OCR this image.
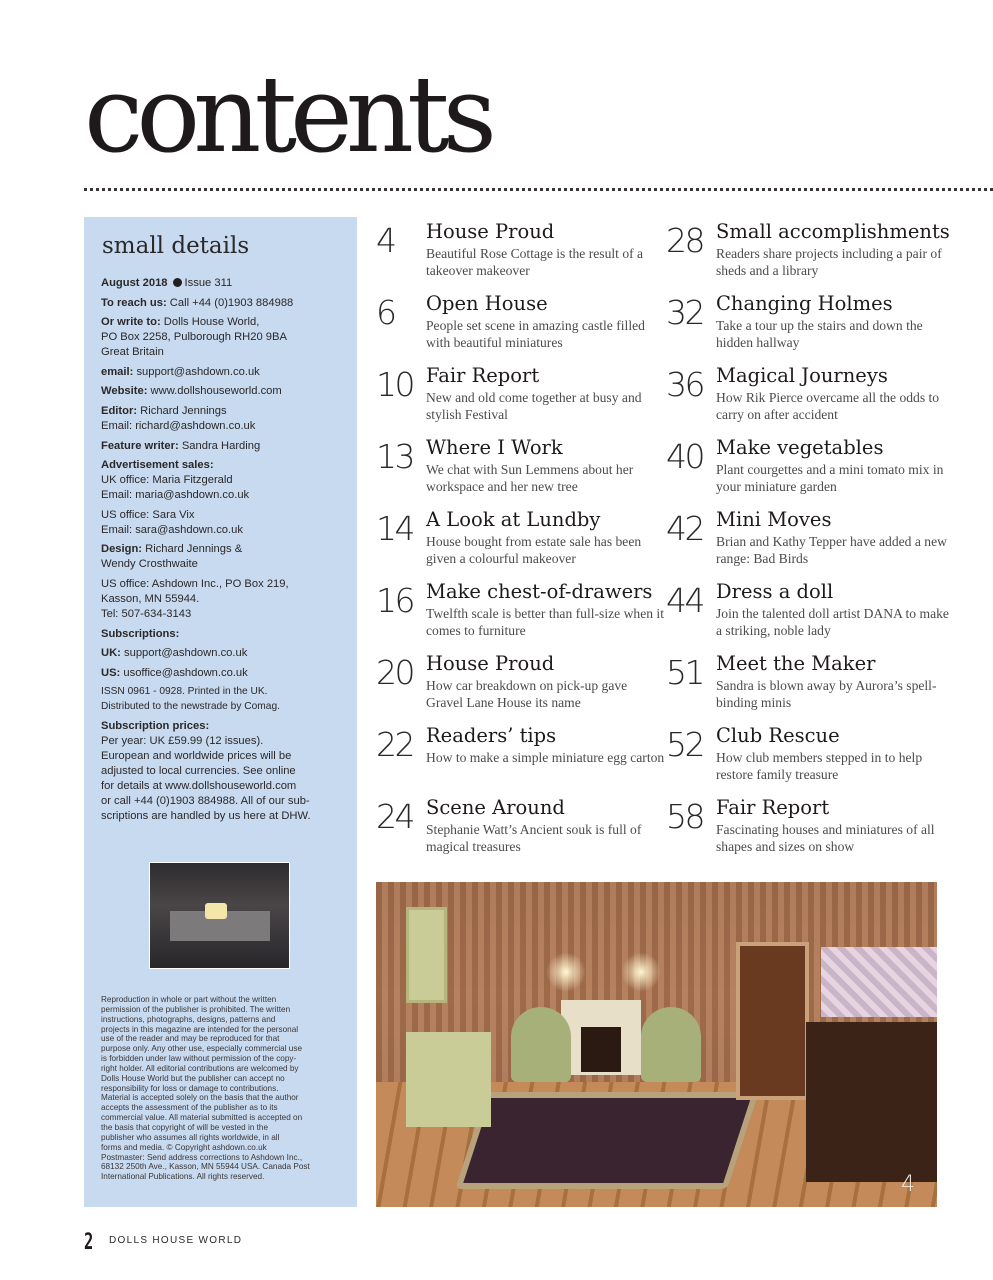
contents
small details

August 2018 Issue 311

To reach us: Call +44 (0)1903 884988

Or write to: Dolls House World,
PO Box 2258, Pulborough RH20 9BA
Great Britain

email: support@ashdown.co.uk

Website: www.dollshouseworld.com

Editor: Richard Jennings
Email: richard@ashdown.co.uk

Feature writer: Sandra Harding

Advertisement sales:
UK office: Maria Fitzgerald
Email: maria@ashdown.co.uk

US office: Sara Vix
Email: sara@ashdown.co.uk

Design: Richard Jennings &
Wendy Crosthwaite

US office: Ashdown Inc., PO Box 219,
Kasson, MN 55944.
Tel: 507-634-3143

Subscriptions:

UK: support@ashdown.co.uk

US: usoffice@ashdown.co.uk

ISSN 0961 - 0928. Printed in the UK.
Distributed to the newstrade by Comag.

Subscription prices:
Per year: UK £59.99 (12 issues).
European and worldwide prices will be
adjusted to local currencies. See online
for details at www.dollshouseworld.com
or call +44 (0)1903 884988. All of our sub-
scriptions are handled by us here at DHW.

Reproduction in whole or part without the written
permission of the publisher is prohibited. The written
instructions, photographs, designs, patterns and
projects in this magazine are intended for the personal
use of the reader and may be reproduced for that
purpose only. Any other use, especially commercial use
is forbidden under law without permission of the copy-
right holder. All editorial contributions are welcomed by
Dolls House World but the publisher can accept no
responsibility for loss or damage to contributions.
Material is accepted solely on the basis that the author
accepts the assessment of the publisher as to its
commercial value. All material submitted is accepted on
the basis that copyright of will be vested in the
publisher who assumes all rights worldwide, in all
forms and media. © Copyright ashdown.co.uk
Postmaster: Send address corrections to Ashdown Inc.,
68132 250th Ave., Kasson, MN 55944 USA. Canada Post
International Publications. All rights reserved.
4 House Proud
Beautiful Rose Cottage is the result of a takeover makeover
6 Open House
People set scene in amazing castle filled with beautiful miniatures
10 Fair Report
New and old come together at busy and stylish Festival
13 Where I Work
We chat with Sun Lemmens about her workspace and her new tree
14 A Look at Lundby
House bought from estate sale has been given a colourful makeover
16 Make chest-of-drawers
Twelfth scale is better than full-size when it comes to furniture
20 House Proud
How car breakdown on pick-up gave Gravel Lane House its name
22 Readers’ tips
How to make a simple miniature egg carton
24 Scene Around
Stephanie Watt’s Ancient souk is full of magical treasures
28 Small accomplishments
Readers share projects including a pair of sheds and a library
32 Changing Holmes
Take a tour up the stairs and down the hidden hallway
36 Magical Journeys
How Rik Pierce overcame all the odds to carry on after accident
40 Make vegetables
Plant courgettes and a mini tomato mix in your miniature garden
42 Mini Moves
Brian and Kathy Tepper have added a new range: Bad Birds
44 Dress a doll
Join the talented doll artist DANA to make a striking, noble lady
51 Meet the Maker
Sandra is blown away by Aurora’s spell-binding minis
52 Club Rescue
How club members stepped in to help restore family treasure
58 Fair Report
Fascinating houses and miniatures of all shapes and sizes on show
4
2 DOLLS HOUSE WORLD
